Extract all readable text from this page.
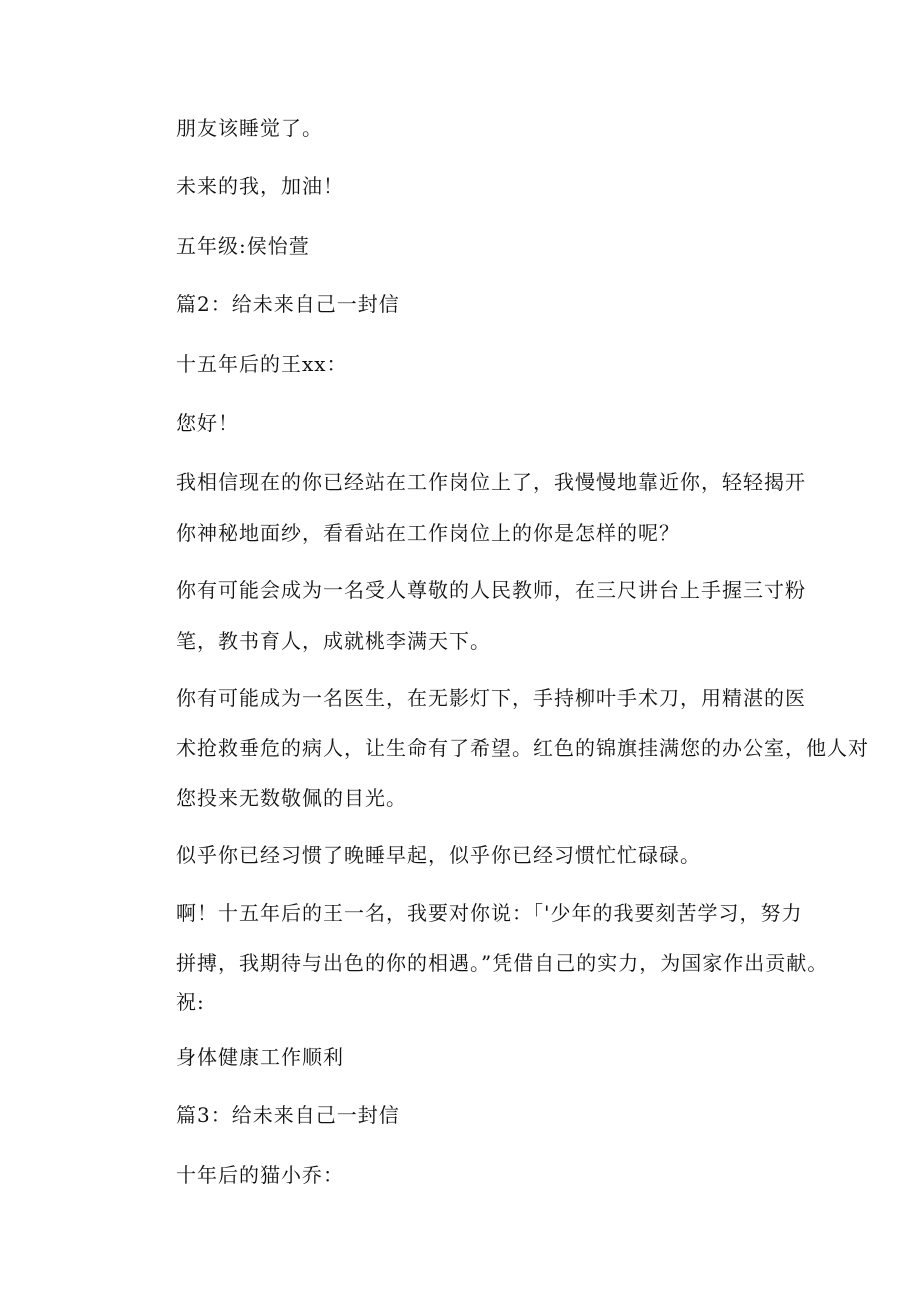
朋友该睡觉了。
未来的我，加油！
五年级:侯怡萱
篇2：给未来自己一封信
十五年后的王xx：
您好！
我相信现在的你已经站在工作岗位上了，我慢慢地靠近你，轻轻揭开
你神秘地面纱，看看站在工作岗位上的你是怎样的呢？
你有可能会成为一名受人尊敬的人民教师，在三尺讲台上手握三寸粉
笔，教书育人，成就桃李满天下。
你有可能成为一名医生，在无影灯下，手持柳叶手术刀，用精湛的医
术抢救垂危的病人，让生命有了希望。红色的锦旗挂满您的办公室，他人对
您投来无数敬佩的目光。
似乎你已经习惯了晚睡早起，似乎你已经习惯忙忙碌碌。
啊！十五年后的王一名，我要对你说：「'少年的我要刻苦学习，努力
拼搏，我期待与出色的你的相遇。”凭借自己的实力，为国家作出贡献。
祝:
身体健康工作顺利
篇3：给未来自己一封信
十年后的猫小乔：
